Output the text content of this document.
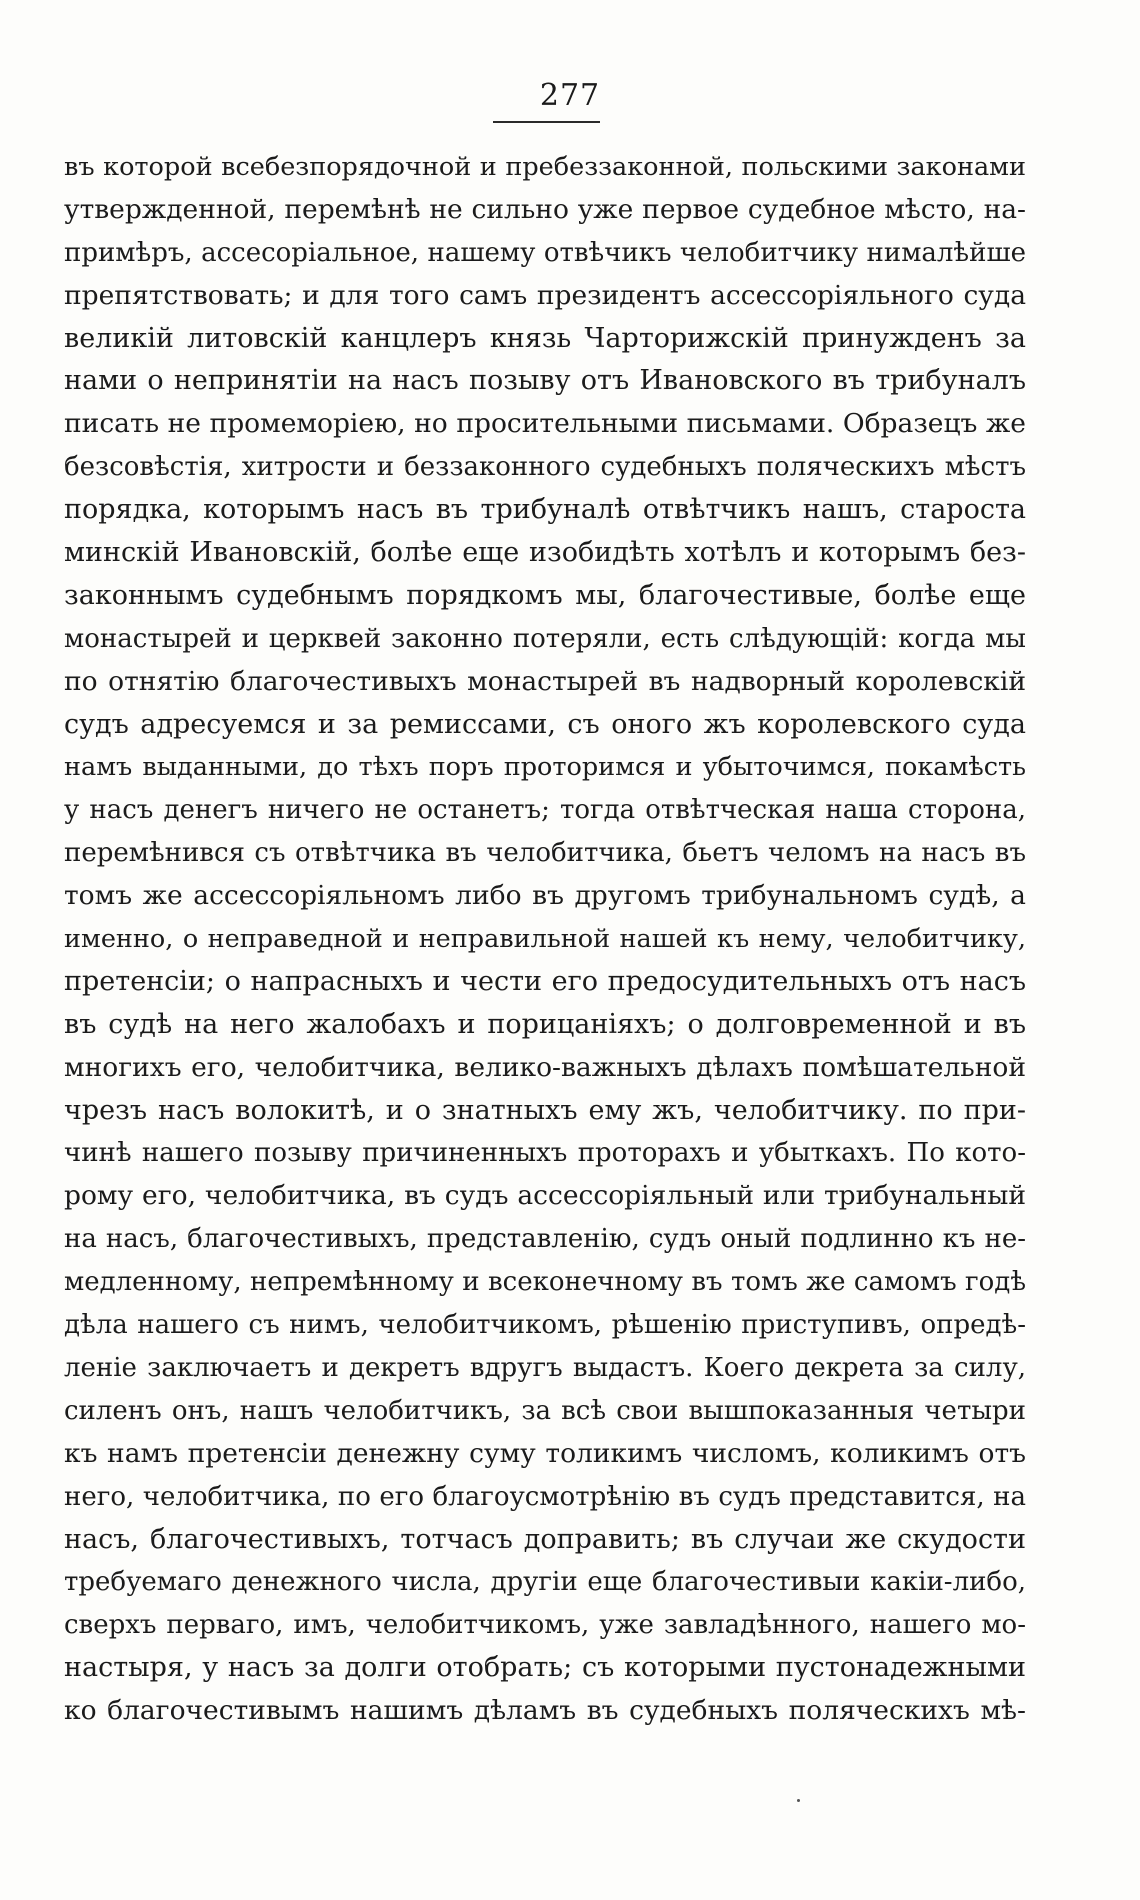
277
въ которой всебезпорядочной и пребеззаконной, польскими законами
утвержденной, перемѣнѣ не сильно уже первое судебное мѣсто, на-
примѣръ, ассесоріальное, нашему отвѣчикъ челобитчику нималѣйше
препятствовать; и для того самъ президентъ ассессоріяльного суда
великій литовскій канцлеръ князь Чарторижскій принужденъ за
нами о непринятіи на насъ позыву отъ Ивановского въ трибуналъ
писать не промеморіею, но просительными письмами. Образецъ же
безсовѣстія, хитрости и беззаконного судебныхъ поляческихъ мѣстъ
порядка, которымъ насъ въ трибуналѣ отвѣтчикъ нашъ, староста
минскій Ивановскій, болѣе еще изобидѣть хотѣлъ и которымъ без-
законнымъ судебнымъ порядкомъ мы, благочестивые, болѣе еще
монастырей и церквей законно потеряли, есть слѣдующій: когда мы
по отнятію благочестивыхъ монастырей въ надворный королевскій
судъ адресуемся и за ремиссами, съ оного жъ королевского суда
намъ выданными, до тѣхъ поръ проторимся и убыточимся, покамѣсть
у насъ денегъ ничего не останетъ; тогда отвѣтческая наша сторона,
перемѣнився съ отвѣтчика въ челобитчика, бьетъ челомъ на насъ въ
томъ же ассессоріяльномъ либо въ другомъ трибунальномъ судѣ, а
именно, о неправедной и неправильной нашей къ нему, челобитчику,
претенсіи; о напрасныхъ и чести его предосудительныхъ отъ насъ
въ судѣ на него жалобахъ и порицаніяхъ; о долговременной и въ
многихъ его, челобитчика, велико-важныхъ дѣлахъ помѣшательной
чрезъ насъ волокитѣ, и о знатныхъ ему жъ, челобитчику. по при-
чинѣ нашего позыву причиненныхъ проторахъ и убыткахъ. По кото-
рому его, челобитчика, въ судъ ассессоріяльный или трибунальный
на насъ, благочестивыхъ, представленію, судъ оный подлинно къ не-
медленному, непремѣнному и всеконечному въ томъ же самомъ годѣ
дѣла нашего съ нимъ, челобитчикомъ, рѣшенію приступивъ, опредѣ-
леніе заключаетъ и декретъ вдругъ выдастъ. Коего декрета за силу,
силенъ онъ, нашъ челобитчикъ, за всѣ свои вышпоказанныя четыри
къ намъ претенсіи денежну суму толикимъ числомъ, коликимъ отъ
него, челобитчика, по его благоусмотрѣнію въ судъ представится, на
насъ, благочестивыхъ, тотчасъ доправить; въ случаи же скудости
требуемаго денежного числа, другіи еще благочестивыи какіи-либо,
сверхъ перваго, имъ, челобитчикомъ, уже завладѣнного, нашего мо-
настыря, у насъ за долги отобрать; съ которыми пустонадежными
ко благочестивымъ нашимъ дѣламъ въ судебныхъ поляческихъ мѣ-
